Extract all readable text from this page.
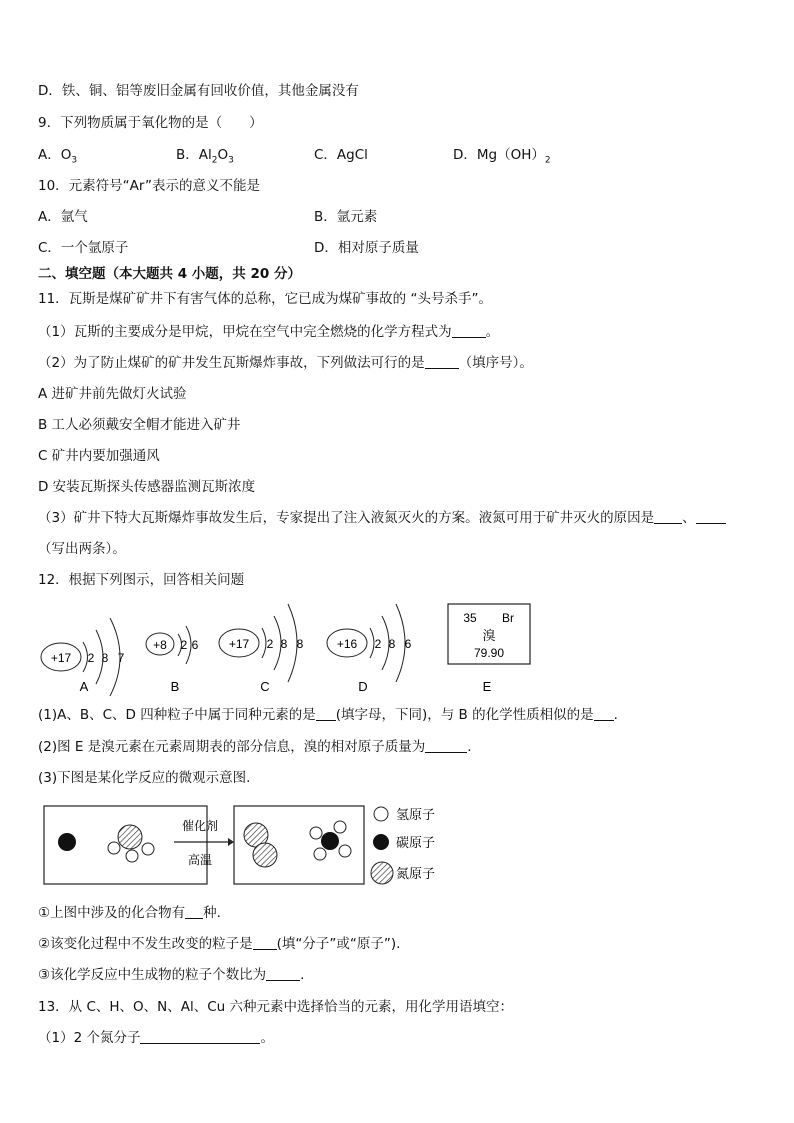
D．铁、铜、铝等废旧金属有回收价值，其他金属没有
9．下列物质属于氧化物的是（　　）
A．$O_3$	B．$Al_2O_3$	C．AgCl	D．$Mg(OH)_2$
10．元素符号“Ar”表示的意义不能是
A．氩气	B．氩元素
C．一个氩原子	D．相对原子质量
二、填空题（本大题共 4 小题，共 20 分）
11．瓦斯是煤矿矿井下有害气体的总称，它已成为煤矿事故的 “头号杀手”。
（1）瓦斯的主要成分是甲烷，甲烷在空气中完全燃烧的化学方程式为	。
（2）为了防止煤矿的矿井发生瓦斯爆炸事故，下列做法可行的是	（填序号）。
A 进矿井前先做灯火试验
B 工人必须戴安全帽才能进入矿井
C 矿井内要加强通风
D 安装瓦斯探头传感器监测瓦斯浓度
（3）矿井下特大瓦斯爆炸事故发生后，专家提出了注入液氮灭火的方案。液氮可用于矿井灭火的原因是 、
（写出两条）。
12．根据下列图示，回答相关问题
+17 2 8 7
A
+8 2 6
B
+17 2 8 8
C
+16 2 8 6
D
35 Br
溴
79.90
E
(1)A、B、C、D 四种粒子中属于同种元素的是 (填字母，下同)，与 B 的化学性质相似的是 .
(2)图 E 是溴元素在元素周期表的部分信息，溴的相对原子质量为	.
(3)下图是某化学反应的微观示意图.
催化剂
高温
氢原子
碳原子
氮原子
①上图中涉及的化合物有 种.
②该变化过程中不发生改变的粒子是 (填“分子”或“原子”).
③该化学反应中生成物的粒子个数比为	.
13．从 C、H、O、N、Al、Cu 六种元素中选择恰当的元素，用化学用语填空：
（1）2 个氮分子	。
